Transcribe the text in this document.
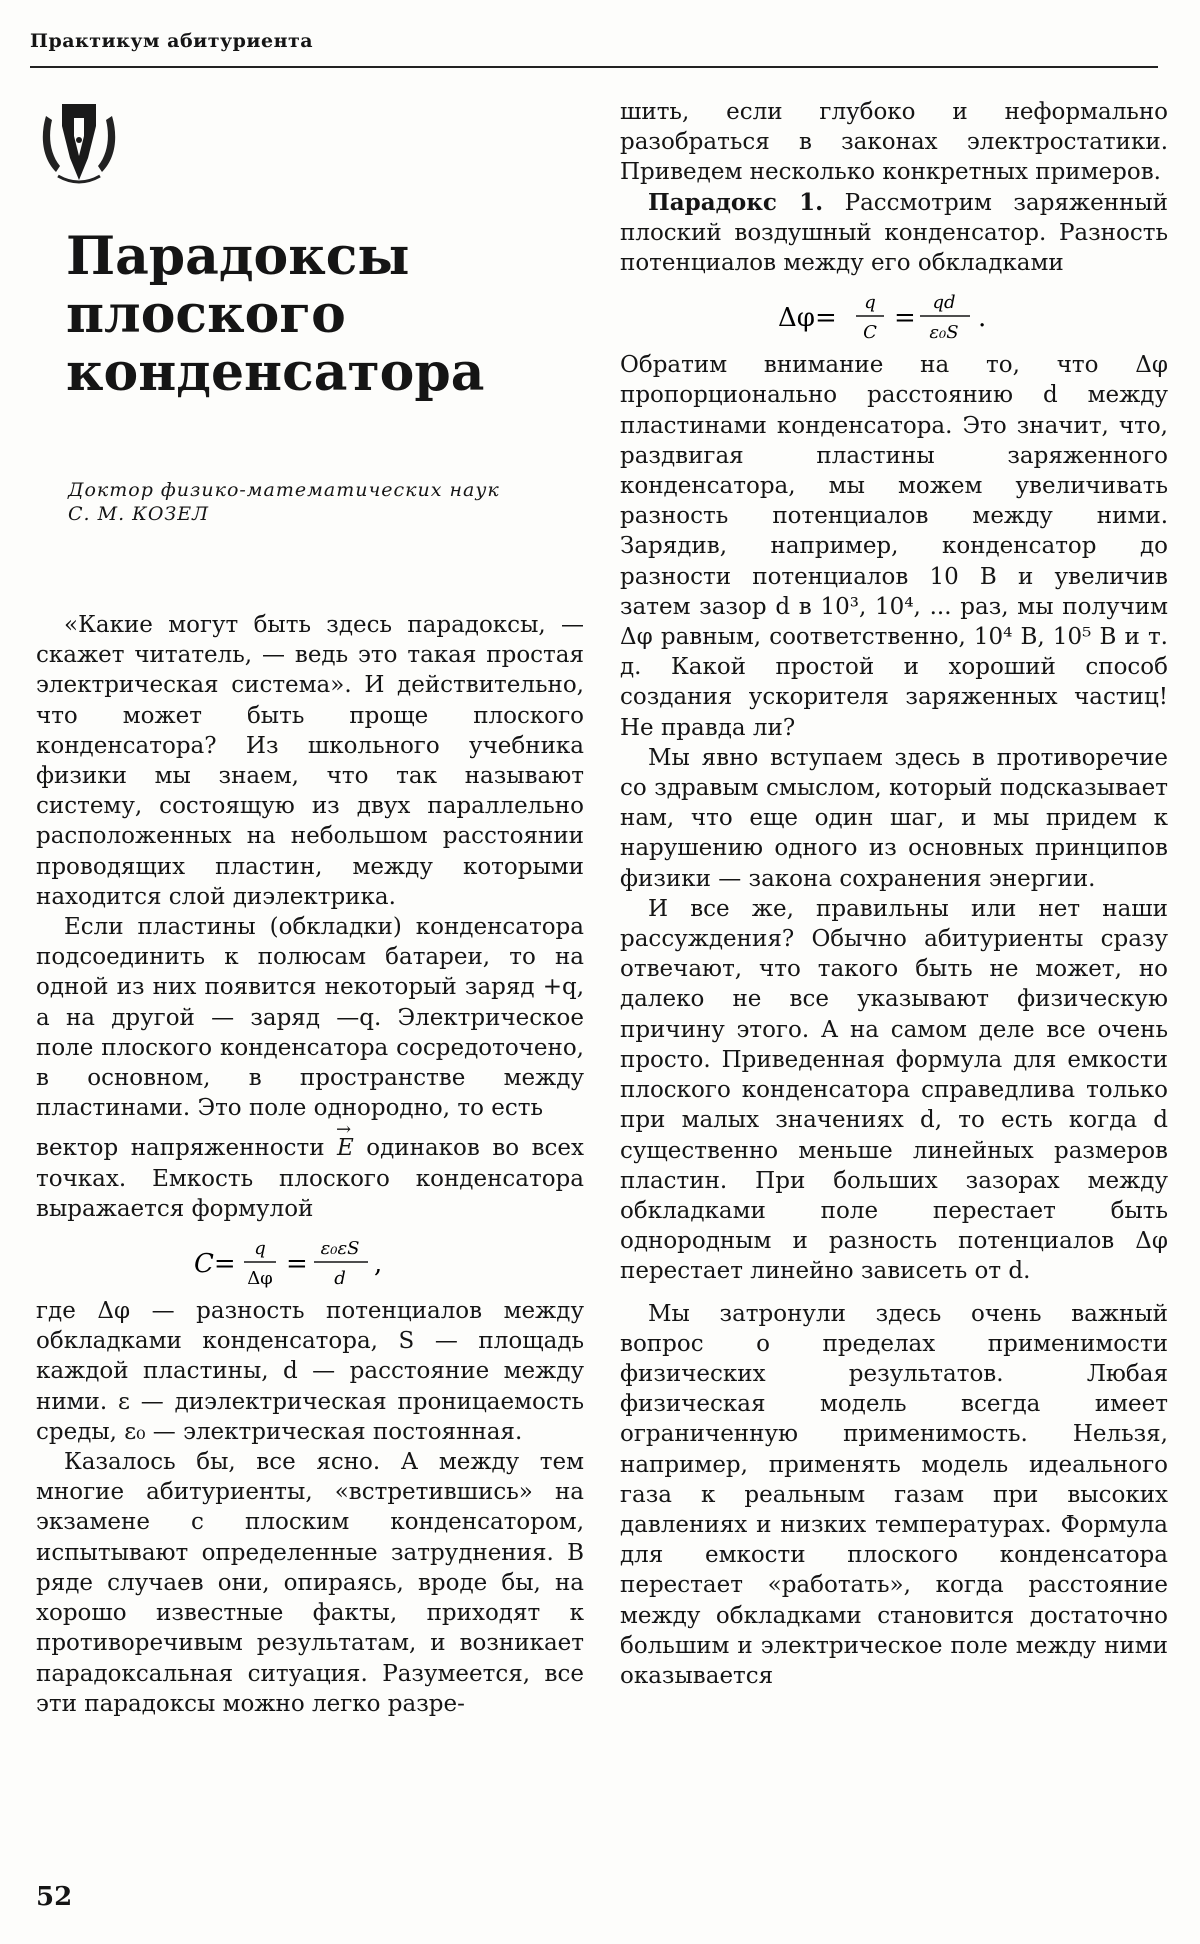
Практикум абитуриента
Парадоксы
плоского
конденсатора
Доктор физико-математических наук
С. М. КОЗЕЛ

«Какие могут быть здесь парадоксы, — скажет читатель, — ведь это такая простая электрическая система». И действительно, что может быть проще плоского конденсатора? Из школьного учебника физики мы знаем, что так называют систему, состоящую из двух параллельно расположенных на небольшом расстоянии проводящих пластин, между которыми находится слой диэлектрика.

Если пластины (обкладки) конденсатора подсоединить к полюсам батареи, то на одной из них появится некоторый заряд +q, а на другой — заряд —q. Электрическое поле плоского конденсатора сосредоточено, в основном, в пространстве между пластинами. Это поле однородно, то есть

вектор напряженности → E одинаков во всех точках. Емкость плоского конденсатора выражается формулой

C=
q
Δφ =
ε₀εS
d ,

где Δφ — разность потенциалов между обкладками конденсатора, S — площадь каждой пластины, d — расстояние между ними. ε — диэлектрическая проницаемость среды, ε₀ — электрическая постоянная.

Казалось бы, все ясно. А между тем многие абитуриенты, «встретившись» на экзамене с плоским конденсатором, испытывают определенные затруднения. В ряде случаев они, опираясь, вроде бы, на хорошо известные факты, приходят к противоречивым результатам, и возникает парадоксальная ситуация. Разумеется, все эти парадоксы можно легко разре-

шить, если глубоко и неформально разобраться в законах электростатики. Приведем несколько конкретных примеров.

Парадокс 1. Рассмотрим заряженный плоский воздушный конденсатор. Разность потенциалов между его обкладками

Δφ=
q
C =
qd
ε₀S .

Обратим внимание на то, что Δφ пропорционально расстоянию d между пластинами конденсатора. Это значит, что, раздвигая пластины заряженного конденсатора, мы можем увеличивать разность потенциалов между ними. Зарядив, например, конденсатор до разности потенциалов 10 В и увеличив затем зазор d в 10³, 10⁴, ... раз, мы получим Δφ равным, соответственно, 10⁴ В, 10⁵ В и т. д. Какой простой и хороший способ создания ускорителя заряженных частиц! Не правда ли?

Мы явно вступаем здесь в противоречие со здравым смыслом, который подсказывает нам, что еще один шаг, и мы придем к нарушению одного из основных принципов физики — закона сохранения энергии.

И все же, правильны или нет наши рассуждения? Обычно абитуриенты сразу отвечают, что такого быть не может, но далеко не все указывают физическую причину этого. А на самом деле все очень просто. Приведенная формула для емкости плоского конденсатора справедлива только при малых значениях d, то есть когда d существенно меньше линейных размеров пластин. При больших зазорах между обкладками поле перестает быть однородным и разность потенциалов Δφ перестает линейно зависеть от d.

Мы затронули здесь очень важный вопрос о пределах применимости физических результатов. Любая физическая модель всегда имеет ограниченную применимость. Нельзя, например, применять модель идеального газа к реальным газам при высоких давлениях и низких температурах. Формула для емкости плоского конденсатора перестает «работать», когда расстояние между обкладками становится достаточно большим и электрическое поле между ними оказывается

52
